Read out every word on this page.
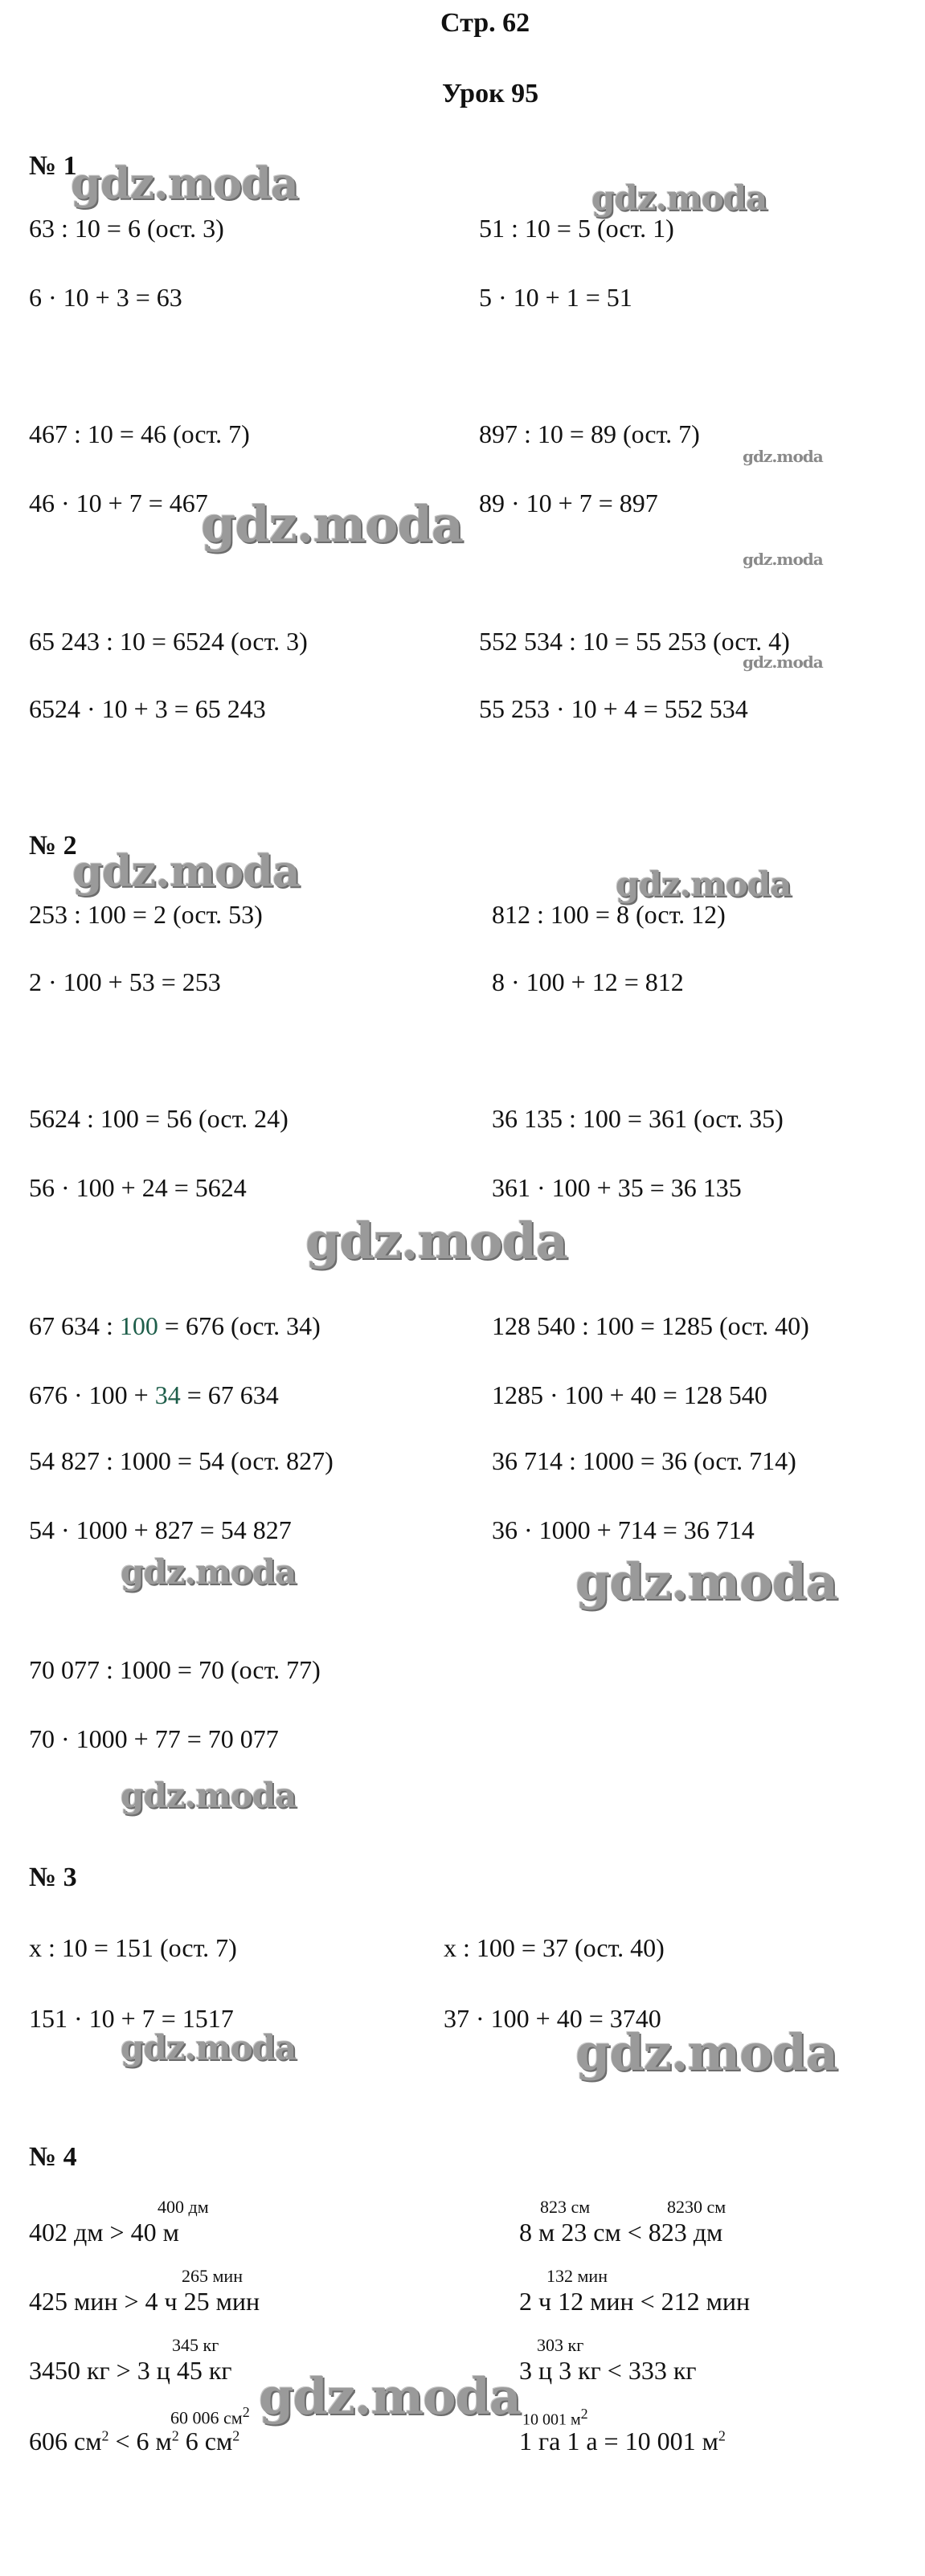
Стр. 62
Урок 95
№ 1
63 : 10 = 6 (ост. 3)	51 : 10 = 5 (ост. 1)
6 · 10 + 3 = 63	5 · 10 + 1 = 51
467 : 10 = 46 (ост. 7)	897 : 10 = 89 (ост. 7)
46 · 10 + 7 = 467	89 · 10 + 7 = 897
65 243 : 10 = 6524 (ост. 3)	552 534 : 10 = 55 253 (ост. 4)
6524 · 10 + 3 = 65 243	55 253 · 10 + 4 = 552 534
№ 2
253 : 100 = 2 (ост. 53)	812 : 100 = 8 (ост. 12)
2 · 100 + 53 = 253	8 · 100 + 12 = 812
5624 : 100 = 56 (ост. 24)	36 135 : 100 = 361 (ост. 35)
56 · 100 + 24 = 5624	361 · 100 + 35 = 36 135
67 634 : 100 = 676 (ост. 34)	128 540 : 100 = 1285 (ост. 40)
676 · 100 + 34 = 67 634	1285 · 100 + 40 = 128 540
54 827 : 1000 = 54 (ост. 827)	36 714 : 1000 = 36 (ост. 714)
54 · 1000 + 827 = 54 827	36 · 1000 + 714 = 36 714
70 077 : 1000 = 70 (ост. 77)
70 · 1000 + 77 = 70 077
№ 3
x : 10 = 151 (ост. 7)	x : 100 = 37 (ост. 40)
151 · 10 + 7 = 1517	37 · 100 + 40 = 3740
№ 4
400 дм
402 дм > 40 м
265 мин
425 мин > 4 ч 25 мин
345 кг
3450 кг > 3 ц 45 кг
60 006 $см^2$
606 $см^2 < 6$ $м^2$ 6 $см^2$
823 см	8230 см
8 м 23 см < 823 дм
132 мин
2 ч 12 мин < 212 мин
303 кг
3 ц 3 кг < 333 кг
10 001 $м^2$
1 га 1 а = 10 001 $м^2$
gdz.moda	gdz.moda
gdz.moda
gdz.moda
gdz.moda
gdz.moda
gdz.moda	gdz.moda
gdz.moda
gdz.moda	gdz.moda
gdz.moda
gdz.moda	gdz.moda
gdz.moda
